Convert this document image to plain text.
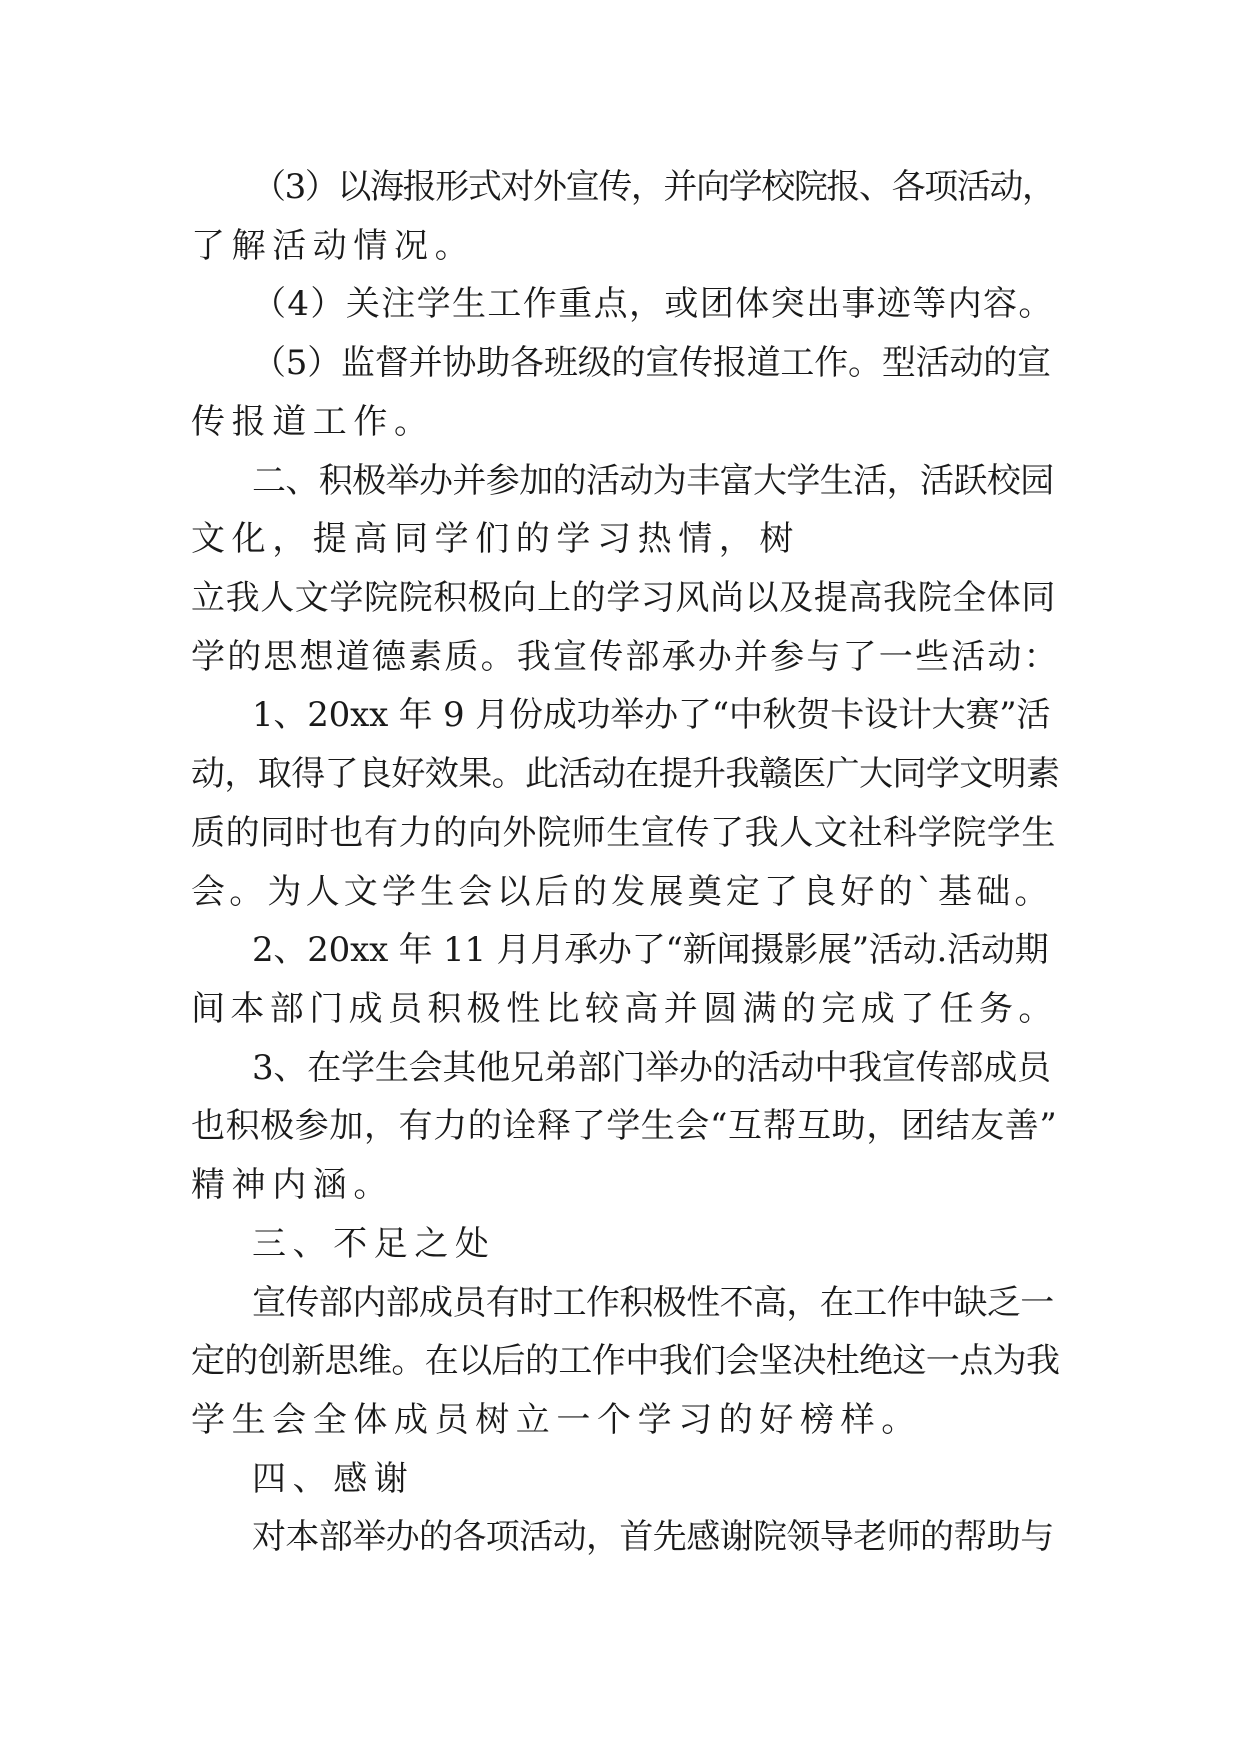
（3）以海报形式对外宣传，并向学校院报、各项活动，
了解活动情况。
（4）关注学生工作重点，或团体突出事迹等内容。
（5）监督并协助各班级的宣传报道工作。型活动的宣
传报道工作。
二、积极举办并参加的活动为丰富大学生活，活跃校园
文化，提高同学们的学习热情，树
立我人文学院院积极向上的学习风尚以及提高我院全体同
学的思想道德素质。我宣传部承办并参与了一些活动：
1、20xx 年 9 月份成功举办了“中秋贺卡设计大赛”活
动，取得了良好效果。此活动在提升我赣医广大同学文明素
质的同时也有力的向外院师生宣传了我人文社科学院学生
会。为人文学生会以后的发展奠定了良好的`基础。
2、20xx 年 11 月月承办了“新闻摄影展”活动.活动期
间本部门成员积极性比较高并圆满的完成了任务。
3、在学生会其他兄弟部门举办的活动中我宣传部成员
也积极参加，有力的诠释了学生会“互帮互助，团结友善”
精神内涵。
三、不足之处
宣传部内部成员有时工作积极性不高，在工作中缺乏一
定的创新思维。在以后的工作中我们会坚决杜绝这一点为我
学生会全体成员树立一个学习的好榜样。
四、感谢
对本部举办的各项活动，首先感谢院领导老师的帮助与
